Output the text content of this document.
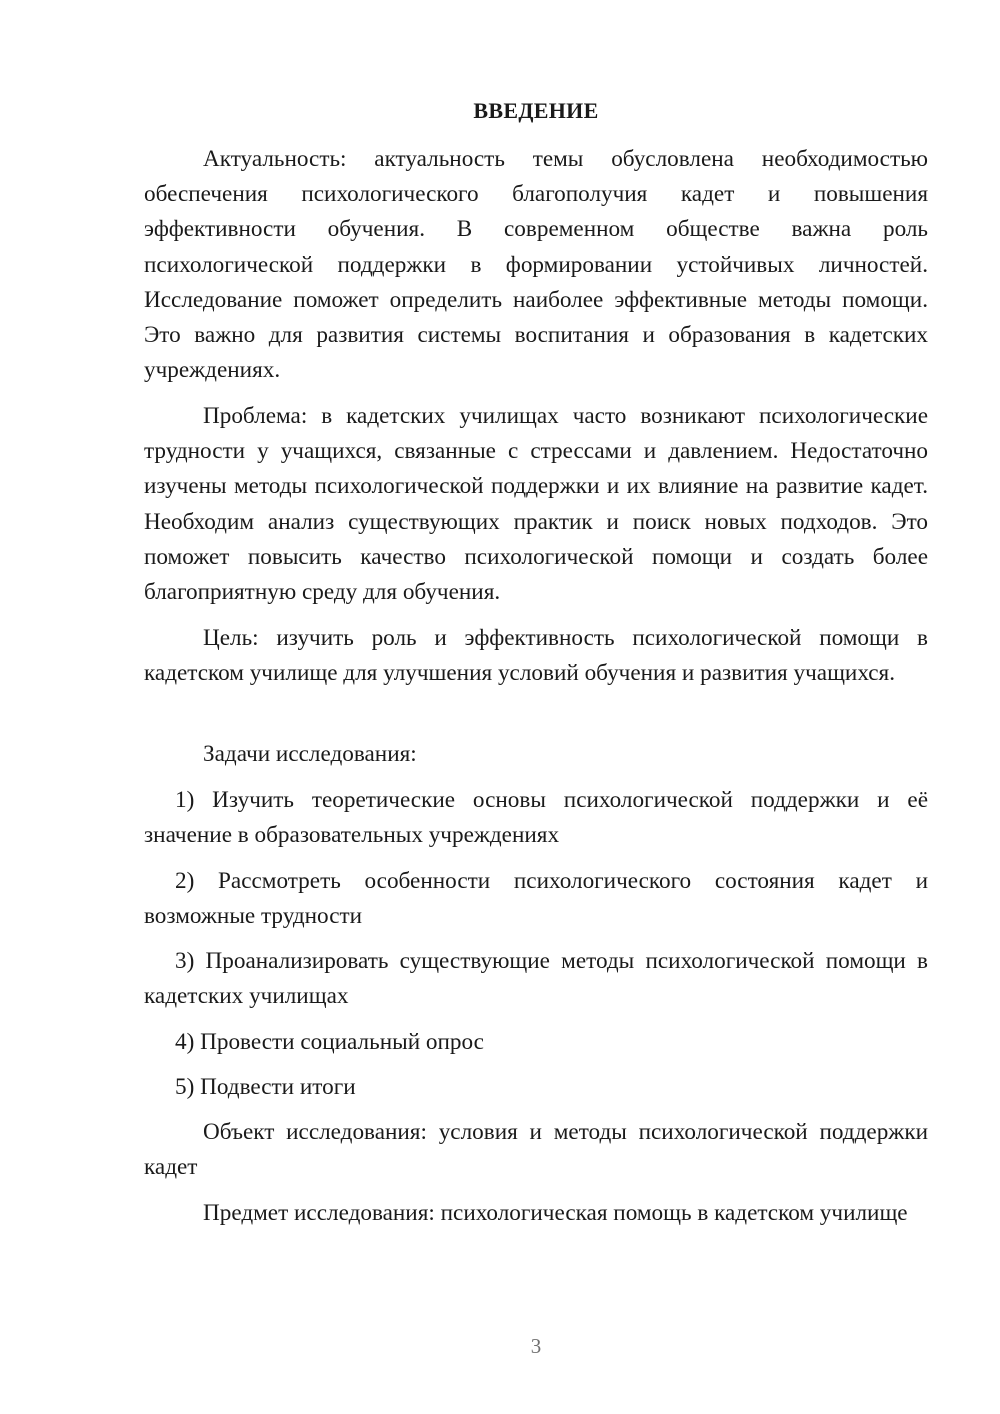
ВВЕДЕНИЕ

Актуальность: актуальность темы обусловлена необходимостью обеспечения психологического благополучия кадет и повышения эффективности обучения. В современном обществе важна роль психологической поддержки в формировании устойчивых личностей. Исследование поможет определить наиболее эффективные методы помощи. Это важно для развития системы воспитания и образования в кадетских учреждениях.

Проблема: в кадетских училищах часто возникают психологические трудности у учащихся, связанные с стрессами и давлением. Недостаточно изучены методы психологической поддержки и их влияние на развитие кадет. Необходим анализ существующих практик и поиск новых подходов. Это поможет повысить качество психологической помощи и создать более благоприятную среду для обучения.

Цель: изучить роль и эффективность психологической помощи в кадетском училище для улучшения условий обучения и развития учащихся.

Задачи исследования:

1) Изучить теоретические основы психологической поддержки и её значение в образовательных учреждениях

2) Рассмотреть особенности психологического состояния кадет и возможные трудности

3) Проанализировать существующие методы психологической помощи в кадетских училищах

4) Провести социальный опрос

5) Подвести итоги

Объект исследования: условия и методы психологической поддержки кадет

Предмет исследования: психологическая помощь в кадетском училище

3
